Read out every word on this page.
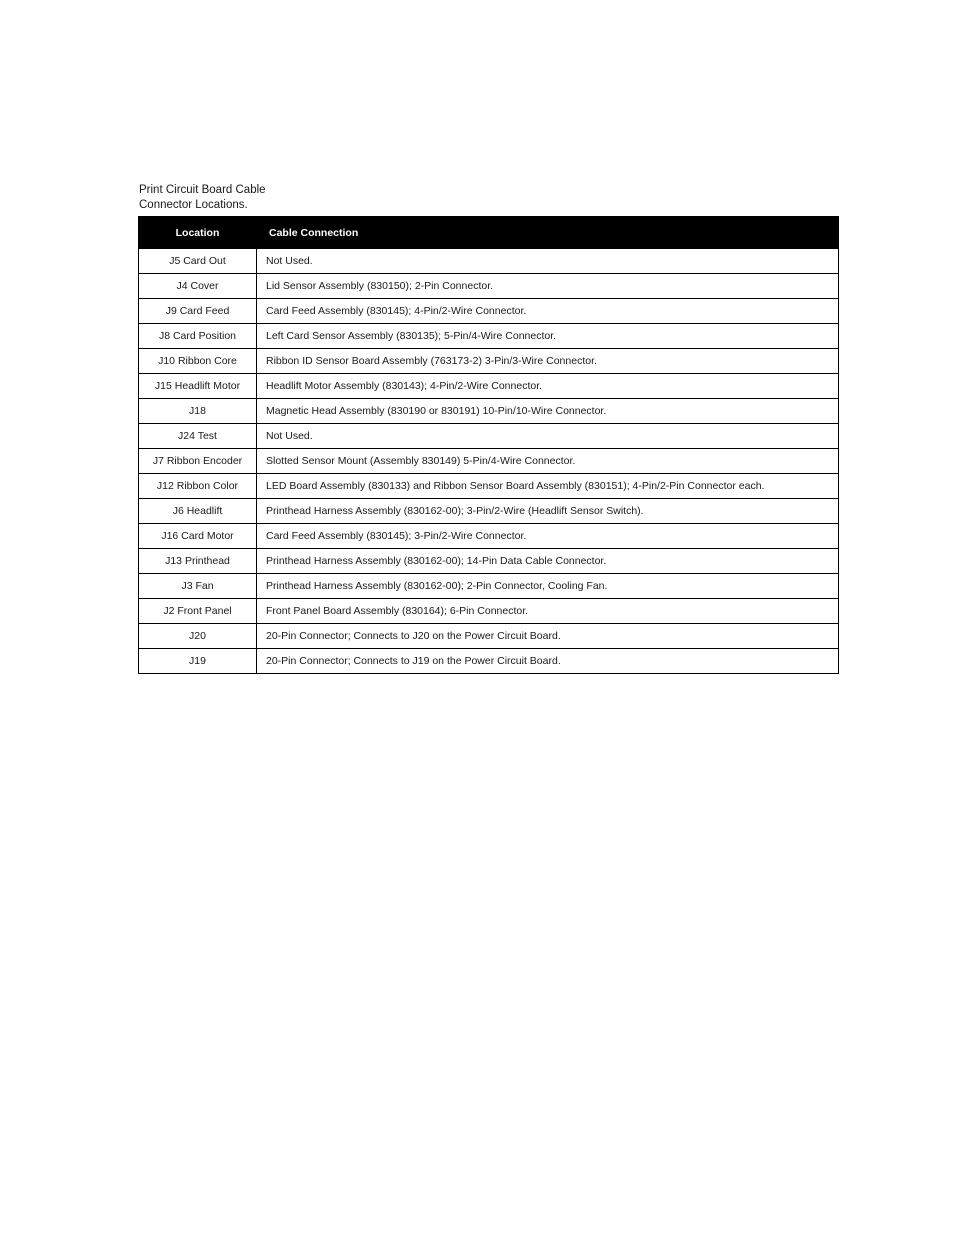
Print Circuit Board Cable
Connector Locations.
Location	Cable Connection
J5 Card Out	Not Used.
J4 Cover	Lid Sensor Assembly (830150); 2-Pin Connector.
J9 Card Feed	Card Feed Assembly (830145); 4-Pin/2-Wire Connector.
J8 Card Position	Left Card Sensor Assembly (830135); 5-Pin/4-Wire Connector.
J10 Ribbon Core	Ribbon ID Sensor Board Assembly (763173-2) 3-Pin/3-Wire Connector.
J15 Headlift Motor	Headlift Motor Assembly (830143); 4-Pin/2-Wire Connector.
J18	Magnetic Head Assembly (830190 or 830191) 10-Pin/10-Wire Connector.
J24 Test	Not Used.
J7 Ribbon Encoder	Slotted Sensor Mount (Assembly 830149) 5-Pin/4-Wire Connector.
J12 Ribbon Color	LED Board Assembly (830133) and Ribbon Sensor Board Assembly (830151); 4-Pin/2-Pin Connector each.
J6 Headlift	Printhead Harness Assembly (830162-00); 3-Pin/2-Wire (Headlift Sensor Switch).
J16 Card Motor	Card Feed Assembly (830145); 3-Pin/2-Wire Connector.
J13 Printhead	Printhead Harness Assembly (830162-00); 14-Pin Data Cable Connector.
J3 Fan	Printhead Harness Assembly (830162-00); 2-Pin Connector, Cooling Fan.
J2 Front Panel	Front Panel Board Assembly (830164); 6-Pin Connector.
J20	20-Pin Connector; Connects to J20 on the Power Circuit Board.
J19	20-Pin Connector; Connects to J19 on the Power Circuit Board.
